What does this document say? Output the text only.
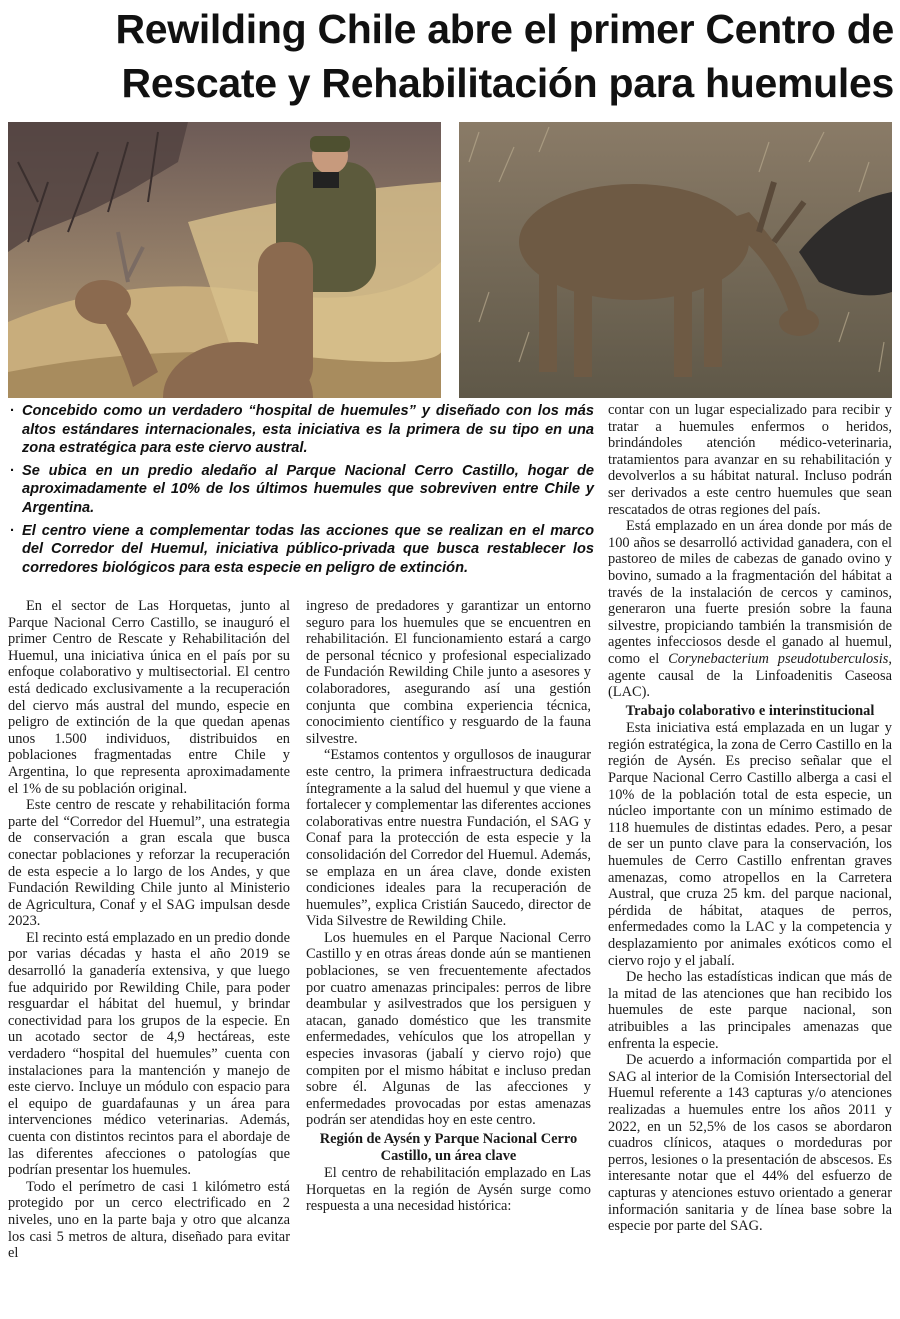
Rewilding Chile abre el primer Centro de
Rescate y Rehabilitación para huemules
· Concebido como un verdadero “hospital de huemules” y diseñado con los más altos estándares internacionales, esta iniciativa es la primera de su tipo en una zona estratégica para este ciervo austral.
· Se ubica en un predio aledaño al Parque Nacional Cerro Castillo, hogar de aproximadamente el 10% de los últimos huemules que sobreviven entre Chile y Argentina.
· El centro viene a complementar todas las acciones que se realizan en el marco del Corredor del Huemul, iniciativa público-privada que busca restablecer los corredores biológicos para esta especie en peligro de extinción.

En el sector de Las Horquetas, junto al Parque Nacional Cerro Castillo, se inauguró el primer Centro de Rescate y Rehabilitación del Huemul, una iniciativa única en el país por su enfoque colaborativo y multisectorial. El centro está dedicado exclusivamente a la recuperación del ciervo más austral del mundo, especie en peligro de extinción de la que quedan apenas unos 1.500 individuos, distribuidos en poblaciones fragmentadas entre Chile y Argentina, lo que representa aproximadamente el 1% de su población original.

Este centro de rescate y rehabilitación forma parte del “Corredor del Huemul”, una estrategia de conservación a gran escala que busca conectar poblaciones y reforzar la recuperación de esta especie a lo largo de los Andes, y que Fundación Rewilding Chile junto al Ministerio de Agricultura, Conaf y el SAG impulsan desde 2023.

El recinto está emplazado en un predio donde por varias décadas y hasta el año 2019 se desarrolló la ganadería extensiva, y que luego fue adquirido por Rewilding Chile, para poder resguardar el hábitat del huemul, y brindar conectividad para los grupos de la especie. En un acotado sector de 4,9 hectáreas, este verdadero “hospital del huemules” cuenta con instalaciones para la mantención y manejo de este ciervo. Incluye un módulo con espacio para el equipo de guardafaunas y un área para intervenciones médico veterinarias. Además, cuenta con distintos recintos para el abordaje de las diferentes afecciones o patologías que podrían presentar los huemules.

Todo el perímetro de casi 1 kilómetro está protegido por un cerco electrificado en 2 niveles, uno en la parte baja y otro que alcanza los casi 5 metros de altura, diseñado para evitar el

ingreso de predadores y garantizar un entorno seguro para los huemules que se encuentren en rehabilitación. El funcionamiento estará a cargo de personal técnico y profesional especializado de Fundación Rewilding Chile junto a asesores y colaboradores, asegurando así una gestión conjunta que combina experiencia técnica, conocimiento científico y resguardo de la fauna silvestre.

“Estamos contentos y orgullosos de inaugurar este centro, la primera infraestructura dedicada íntegramente a la salud del huemul y que viene a fortalecer y complementar las diferentes acciones colaborativas entre nuestra Fundación, el SAG y Conaf para la protección de esta especie y la consolidación del Corredor del Huemul. Además, se emplaza en un área clave, donde existen condiciones ideales para la recuperación de huemules”, explica Cristián Saucedo, director de Vida Silvestre de Rewilding Chile.

Los huemules en el Parque Nacional Cerro Castillo y en otras áreas donde aún se mantienen poblaciones, se ven frecuentemente afectados por cuatro amenazas principales: perros de libre deambular y asilvestrados que los persiguen y atacan, ganado doméstico que les transmite enfermedades, vehículos que los atropellan y especies invasoras (jabalí y ciervo rojo) que compiten por el mismo hábitat e incluso predan sobre él. Algunas de las afecciones y enfermedades provocadas por estas amenazas podrán ser atendidas hoy en este centro.

Región de Aysén y Parque Nacional Cerro Castillo, un área clave

El centro de rehabilitación emplazado en Las Horquetas en la región de Aysén surge como respuesta a una necesidad histórica:

contar con un lugar especializado para recibir y tratar a huemules enfermos o heridos, brindándoles atención médico-veterinaria, tratamientos para avanzar en su rehabilitación y devolverlos a su hábitat natural. Incluso podrán ser derivados a este centro huemules que sean rescatados de otras regiones del país.

Está emplazado en un área donde por más de 100 años se desarrolló actividad ganadera, con el pastoreo de miles de cabezas de ganado ovino y bovino, sumado a la fragmentación del hábitat a través de la instalación de cercos y caminos, generaron una fuerte presión sobre la fauna silvestre, propiciando también la transmisión de agentes infecciosos desde el ganado al huemul, como el Corynebacterium pseudotuberculosis, agente causal de la Linfoadenitis Caseosa (LAC).

Trabajo colaborativo e interinstitucional

Esta iniciativa está emplazada en un lugar y región estratégica, la zona de Cerro Castillo en la región de Aysén. Es preciso señalar que el Parque Nacional Cerro Castillo alberga a casi el 10% de la población total de esta especie, un núcleo importante con un mínimo estimado de 118 huemules de distintas edades. Pero, a pesar de ser un punto clave para la conservación, los huemules de Cerro Castillo enfrentan graves amenazas, como atropellos en la Carretera Austral, que cruza 25 km. del parque nacional, pérdida de hábitat, ataques de perros, enfermedades como la LAC y la competencia y desplazamiento por animales exóticos como el ciervo rojo y el jabalí.

De hecho las estadísticas indican que más de la mitad de las atenciones que han recibido los huemules de este parque nacional, son atribuibles a las principales amenazas que enfrenta la especie.

De acuerdo a información compartida por el SAG al interior de la Comisión Intersectorial del Huemul referente a 143 capturas y/o atenciones realizadas a huemules entre los años 2011 y 2022, en un 52,5% de los casos se abordaron cuadros clínicos, ataques o mordeduras por perros, lesiones o la presentación de abscesos. Es interesante notar que el 44% del esfuerzo de capturas y atenciones estuvo orientado a generar información sanitaria y de línea base sobre la especie por parte del SAG.
